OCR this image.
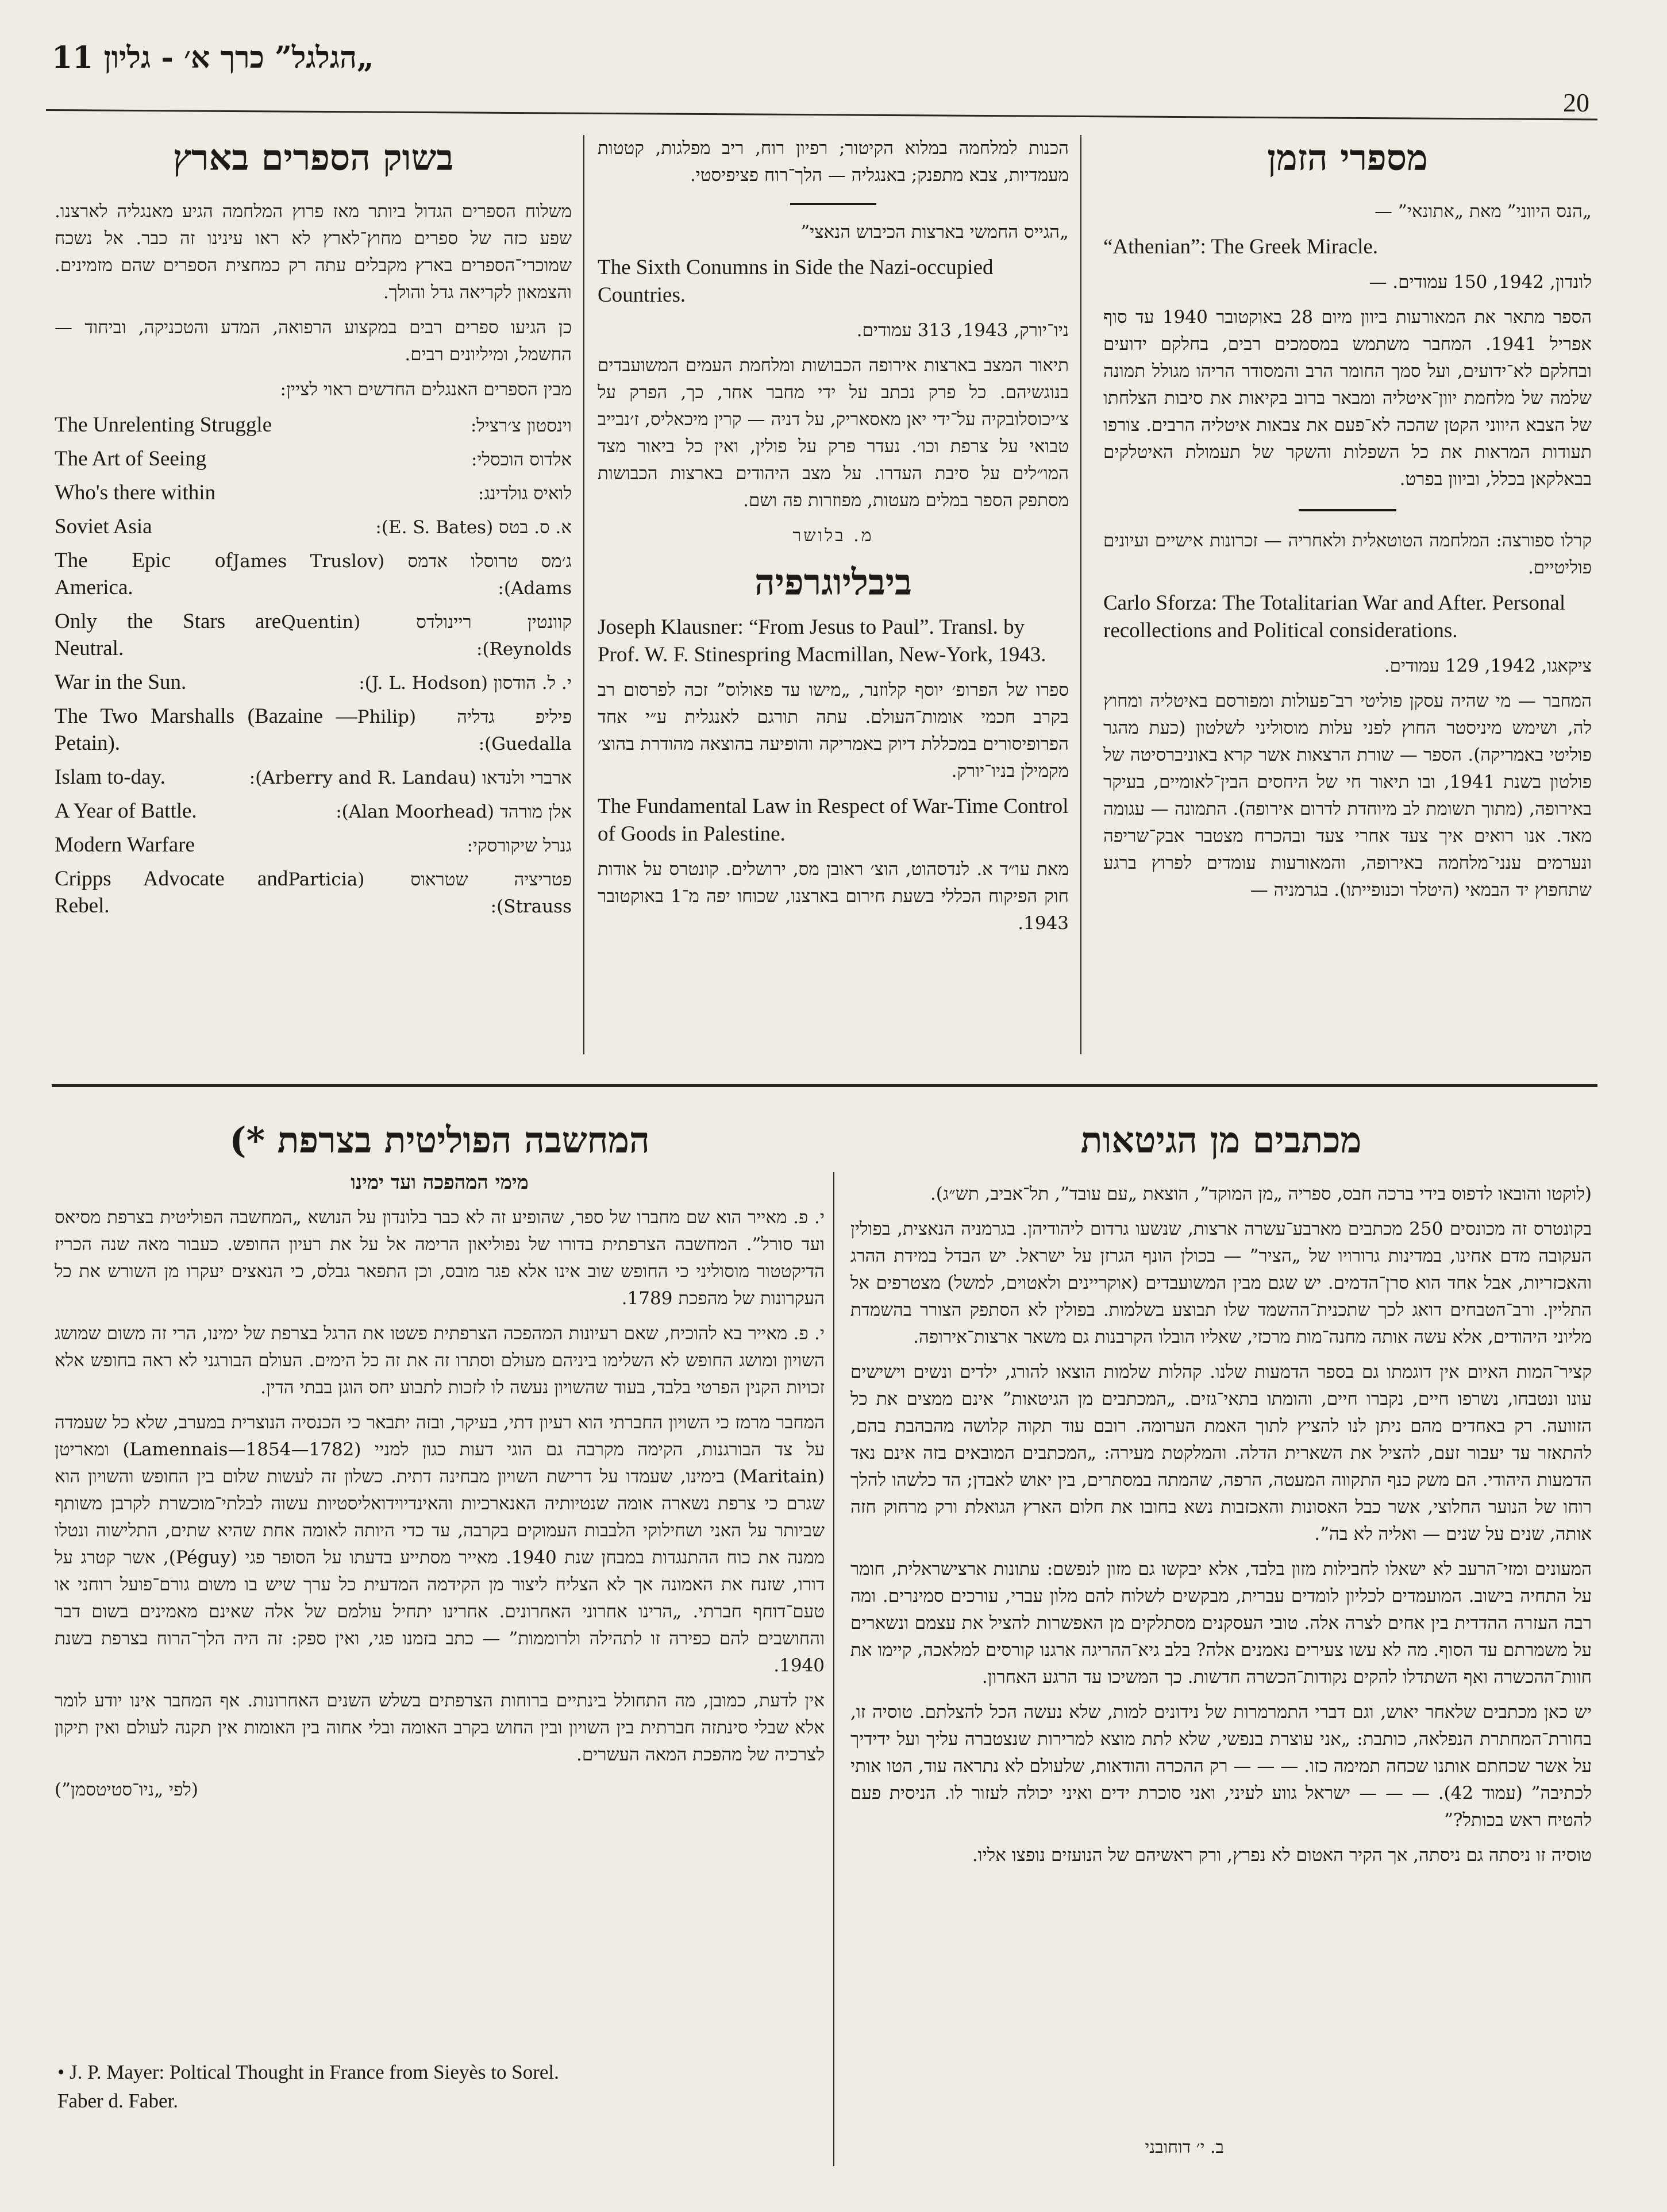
„הגלגל” כרך א׳ - גליון 11
20
מספרי הזמן

„הנס היווני” מאת „אתונאי” —

“Athenian”: The Greek Miracle.

לונדון, 1942, 150 עמודים. —

הספר מתאר את המאורעות ביוון מיום 28 באוקטובר 1940 עד סוף אפריל 1941. המחבר משתמש במסמכים רבים, בחלקם ידועים ובחלקם לא־ידועים, ועל סמך החומר הרב והמסודר הריהו מגולל תמונה שלמה של מלחמת יוון־איטליה ומבאר ברוב בקיאות את סיבות הצלחתו של הצבא היווני הקטן שהכה לא־פעם את צבאות איטליה הרבים. צורפו תעודות המראות את כל השפלות והשקר של תעמולת האיטלקים בבאלקאן בכלל, וביוון בפרט.

קרלו ספורצה: המלחמה הטוטאלית ולאחריה — זכרונות אישיים ועיונים פוליטיים.

Carlo Sforza: The Totalitarian War and After. Personal recollections and Political considerations.

ציקאגו, 1942, 129 עמודים.

המחבר — מי שהיה עסקן פוליטי רב־פעולות ומפורסם באיטליה ומחוץ לה, ושימש מיניסטר החוץ לפני עלות מוסוליני לשלטון (כעת מהגר פוליטי באמריקה). הספר — שורת הרצאות אשר קרא באוניברסיטה של פולטון בשנת 1941, ובו תיאור חי של היחסים הבין־לאומיים, בעיקר באירופה, (מתוך תשומת לב מיוחדת לדרום אירופה). התמונה — עגומה מאד. אנו רואים איך צעד אחרי צעד ובהכרח מצטבר אבק־שריפה ונערמים ענני־מלחמה באירופה, והמאורעות עומדים לפרוץ ברגע שתחפוץ יד הבמאי (היטלר וכנופייתו). בגרמניה —

הכנות למלחמה במלוא הקיטור; רפיון רוח, ריב מפלגות, קטטות מעמדיות, צבא מתפנק; באנגליה — הלך־רוח פציפיסטי.

„הגייס החמשי בארצות הכיבוש הנאצי”

The Sixth Conumns in Side the Nazi-occupied Countries.

ניו־יורק, 1943, 313 עמודים.

תיאור המצב בארצות אירופה הכבושות ומלחמת העמים המשועבדים בנוגשיהם. כל פרק נכתב על ידי מחבר אחר, כך, הפרק על צ׳יכוסלובקיה על־ידי יאן מאסאריק, על דניה — קרין מיכאליס, ז׳נבייב טבואי על צרפת וכו׳. נעדר פרק על פולין, ואין כל ביאור מצד המו״לים על סיבת העדרו. על מצב היהודים בארצות הכבושות מסתפק הספר במלים מעטות, מפוזרות פה ושם.

מ. בלושר
ביבליוגרפיה

Joseph Klausner: “From Jesus to Paul”. Transl. by Prof. W. F. Stinespring Macmillan, New-York, 1943.

ספרו של הפרופ׳ יוסף קלוזנר, „מישו עד פאולוס” זכה לפרסום רב בקרב חכמי אומות־העולם. עתה תורגם לאנגלית ע״י אחד הפרופיסורים במכללת דיוק באמריקה והופיעה בהוצאה מהודרת בהוצ׳ מקמילן בניו־יורק.

The Fundamental Law in Respect of War-Time Control of Goods in Palestine.

מאת עו״ד א. לנדסהוט, הוצ׳ ראובן מס, ירושלים. קונטרס על אודות חוק הפיקוח הכללי בשעת חירום בארצנו, שכוחו יפה מ־1 באוקטובר 1943.

בשוק הספרים בארץ

משלוח הספרים הגדול ביותר מאז פרוץ המלחמה הגיע מאנגליה לארצנו. שפע כזה של ספרים מחוץ־לארץ לא ראו עינינו זה כבר. אל נשכח שמוכרי־הספרים בארץ מקבלים עתה רק כמחצית הספרים שהם מזמינים. והצמאון לקריאה גדל והולך.

כן הגיעו ספרים רבים במקצוע הרפואה, המדע והטכניקה, וביחוד — החשמל, ומיליונים רבים.

מבין הספרים האנגלים החדשים ראוי לציין:

וינסטון צ׳רציל:
The Unrelenting Struggle
אלדוס הוכסלי:
The Art of Seeing
לואיס גולדינג:
Who's there within
א. ס. בטס (E. S. Bates):
Soviet Asia
ג׳מס טרוסלו אדמס (James Truslov Adams):
The Epic of America.
קוונטין ריינולדס (Quentin Reynolds):
Only the Stars are Neutral.
י. ל. הודסון (J. L. Hodson):
War in the Sun.
פיליפ גדליה (Philip Guedalla):
The Two Marshalls (Bazaine — Petain).
ארברי ולנדאו (Arberry and R. Landau):
Islam to-day.
אלן מורהד (Alan Moorhead):
A Year of Battle.
גנרל שיקורסקי:
Modern Warfare
פטריציה שטראוס (Particia Strauss):
Cripps Advocate and Rebel.
מכתבים מן הגיטאות

(לוקטו והובאו לדפוס בידי ברכה חבס, ספריה „מן המוקד”, הוצאת „עם עובד”, תל־אביב, תש״ג).

בקונטרס זה מכונסים 250 מכתבים מארבע־עשרה ארצות, שנשעו גרדום ליהודיהן. בגרמניה הנאצית, בפולין העקובה מדם אחינו, במדינות גרורויו של „הציר” — בכולן הונף הגרזן על ישראל. יש הבדל במידת ההרג והאכזריות, אבל אחד הוא סרן־הדמים. יש שגם מבין המשועבדים (אוקריינים ולאטוים, למשל) מצטרפים אל התליין. ורב־הטבחים דואג לכך שתכנית־ההשמד שלו תבוצע בשלמות. בפולין לא הסתפק הצורר בהשמדת מליוני היהודים, אלא עשה אותה מחנה־מות מרכזי, שאליו הובלו הקרבנות גם משאר ארצות־אירופה.

קציר־המות האיום אין דוגמתו גם בספר הדמעות שלנו. קהלות שלמות הוצאו להורג, ילדים ונשים וישישים עונו ונטבחו, נשרפו חיים, נקברו חיים, והומתו בתאי־גזים. „המכתבים מן הגיטאות” אינם ממצים את כל הזוועה. רק באחדים מהם ניתן לנו להציץ לתוך האמת הערומה. רובם עוד תקוה קלושה מהבהבת בהם, להתאזר עד יעבור זעם, להציל את השארית הדלה. והמלקטת מעירה: „המכתבים המובאים בזה אינם נאד הדמעות היהודי. הם משק כנף התקווה המעטה, הרפה, שהמתה במסתרים, בין יאוש לאבדן; הד כלשהו להלך רוחו של הנוער החלוצי, אשר כבל האסונות והאכזבות נשא בחובו את חלום הארץ הגואלת ורק מרחוק חזה אותה, שנים על שנים — ואליה לא בה”.

המעונים ומזי־הרעב לא ישאלו לחבילות מזון בלבד, אלא יבקשו גם מזון לנפשם: עתונות ארצישראלית, חומר על התחיה בישוב. המועמדים לכליון לומדים עברית, מבקשים לשלוח להם מלון עברי, עורכים סמינרים. ומה רבה העזרה ההדדית בין אחים לצרה אלה. טובי העסקנים מסתלקים מן האפשרות להציל את עצמם ונשארים על משמרתם עד הסוף. מה לא עשו צעירים נאמנים אלה? בלב גיא־ההריגה ארגנו קורסים למלאכה, קיימו את חוות־ההכשרה ואף השתדלו להקים נקודות־הכשרה חדשות. כך המשיכו עד הרגע האחרון.

יש כאן מכתבים שלאחר יאוש, וגם דברי התמרמרות של נידונים למות, שלא נעשה הכל להצלתם. טוסיה זו, בחורת־המחתרת הנפלאה, כותבת: „אני עוצרת בנפשי, שלא לתת מוצא למרירות שנצטברה עליך ועל ידידיך על אשר שכחתם אותנו שכחה תמימה כזו. — — — רק ההכרה והודאות, שלעולם לא נתראה עוד, הטו אותי לכתיבה” (עמוד 42). — — — ישראל גווע לעיני, ואני סוכרת ידים ואיני יכולה לעזור לו. הניסית פעם להטיח ראש בכותל?”

טוסיה זו ניסתה גם ניסתה, אך הקיר האטום לא נפרץ, ורק ראשיהם של הנועזים נופצו אליו.

ב. י׳ דוחובני
המחשבה הפוליטית בצרפת *)
מימי המהפכה ועד ימינו

י. פ. מאייר הוא שם מחברו של ספר, שהופיע זה לא כבר בלונדון על הנושא „המחשבה הפוליטית בצרפת מסיאס ועד סורל”. המחשבה הצרפתית בדורו של נפוליאון הרימה אל על את רעיון החופש. כעבור מאה שנה הכריז הדיקטטור מוסוליני כי החופש שוב אינו אלא פגר מובס, וכן התפאר גבלס, כי הנאצים יעקרו מן השורש את כל העקרונות של מהפכת 1789.

י. פ. מאייר בא להוכיח, שאם רעיונות המהפכה הצרפתית פשטו את הרגל בצרפת של ימינו, הרי זה משום שמושג השויון ומושג החופש לא השלימו ביניהם מעולם וסתרו זה את זה כל הימים. העולם הבורגני לא ראה בחופש אלא זכויות הקנין הפרטי בלבד, בעוד שהשויון נעשה לו לזכות לתבוע יחס הוגן בבתי הדין.

המחבר מרמז כי השויון החברתי הוא רעיון דתי, בעיקר, ובזה יתבאר כי הכנסיה הנוצרית במערב, שלא כל שעמדה על צד הבורגנות, הקימה מקרבה גם הוגי דעות כגון למניי (Lamennais—1854—1782) ומאריטן (Maritain) בימינו, שעמדו על דרישת השויון מבחינה דתית. כשלון זה לעשות שלום בין החופש והשויון הוא שגרם כי צרפת נשארה אומה שנטיותיה האנארכיות והאינדיוידואליסטיות עשוה לבלתי־מוכשרת לקרבן משותף שביותר על האני ושחילוקי הלבבות העמוקים בקרבה, עד כדי היותה לאומה אחת שהיא שתים, התלישוה ונטלו ממנה את כוח ההתנגדות במבחן שנת 1940. מאייר מסתייע בדעתו על הסופר פגי (Péguy), אשר קטרג על דורו, שזנח את האמונה אך לא הצליח ליצור מן הקידמה המדעית כל ערך שיש בו משום גורם־פועל רוחני או טעם־דוחף חברתי. „הרינו אחרוני האחרונים. אחרינו יתחיל עולמם של אלה שאינם מאמינים בשום דבר והחושבים להם כפירה זו לתהילה ולרוממות” — כתב בזמנו פגי, ואין ספק: זה היה הלך־הרוח בצרפת בשנת 1940.

אין לדעת, כמובן, מה התחולל בינתיים ברוחות הצרפתים בשלש השנים האחרונות. אף המחבר אינו יודע לומר אלא שבלי סינתזה חברתית בין השויון ובין החוש בקרב האומה ובלי אחוה בין האומות אין תקנה לעולם ואין תיקון לצרכיה של מהפכת המאה העשרים.

(לפי „ניו־סטיטסמן”)

• J. P. Mayer: Poltical Thought in France from Sieyès to Sorel.
Faber d. Faber.
